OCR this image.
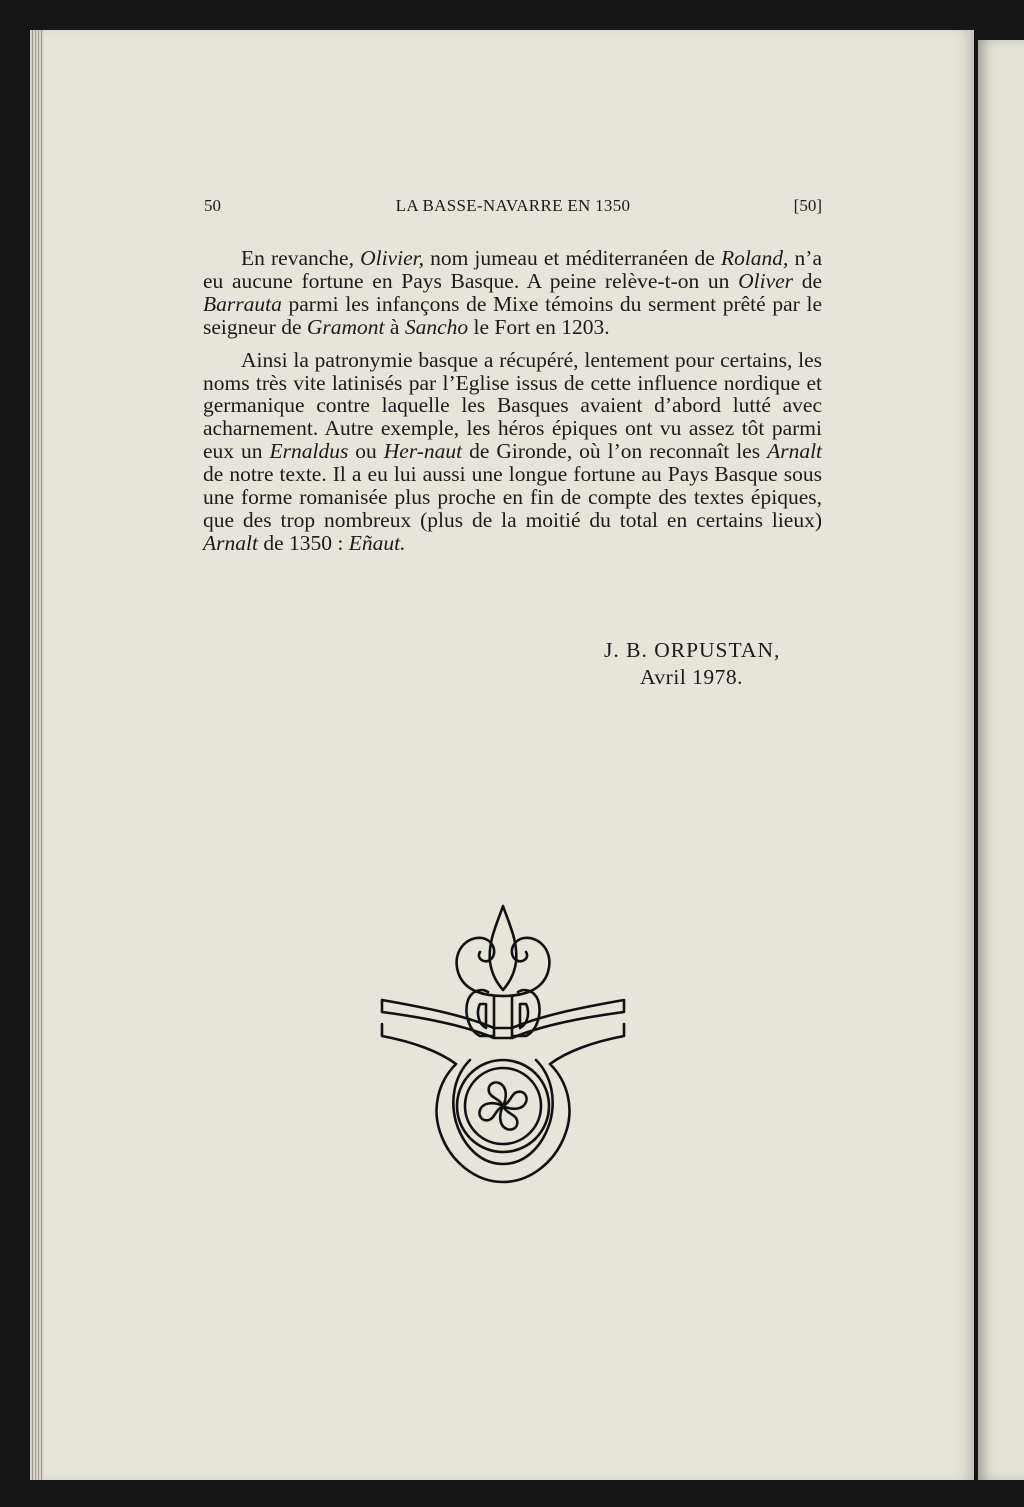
50	LA BASSE-NAVARRE EN 1350	[50]

En revanche, Olivier, nom jumeau et méditerranéen de Roland, n’a eu aucune fortune en Pays Basque. A peine relève-t-on un Oliver de Barrauta parmi les infançons de Mixe témoins du serment prêté par le seigneur de Gramont à Sancho le Fort en 1203.

Ainsi la patronymie basque a récupéré, lentement pour certains, les noms très vite latinisés par l’Eglise issus de cette influence nordique et germanique contre laquelle les Basques avaient d’abord lutté avec acharnement. Autre exemple, les héros épiques ont vu assez tôt parmi eux un Ernaldus ou Her-naut de Gironde, où l’on reconnaît les Arnalt de notre texte. Il a eu lui aussi une longue fortune au Pays Basque sous une forme romanisée plus proche en fin de compte des textes épiques, que des trop nombreux (plus de la moitié du total en certains lieux) Arnalt de 1350 : Eñaut.

J. B. ORPUSTAN,
Avril 1978.
